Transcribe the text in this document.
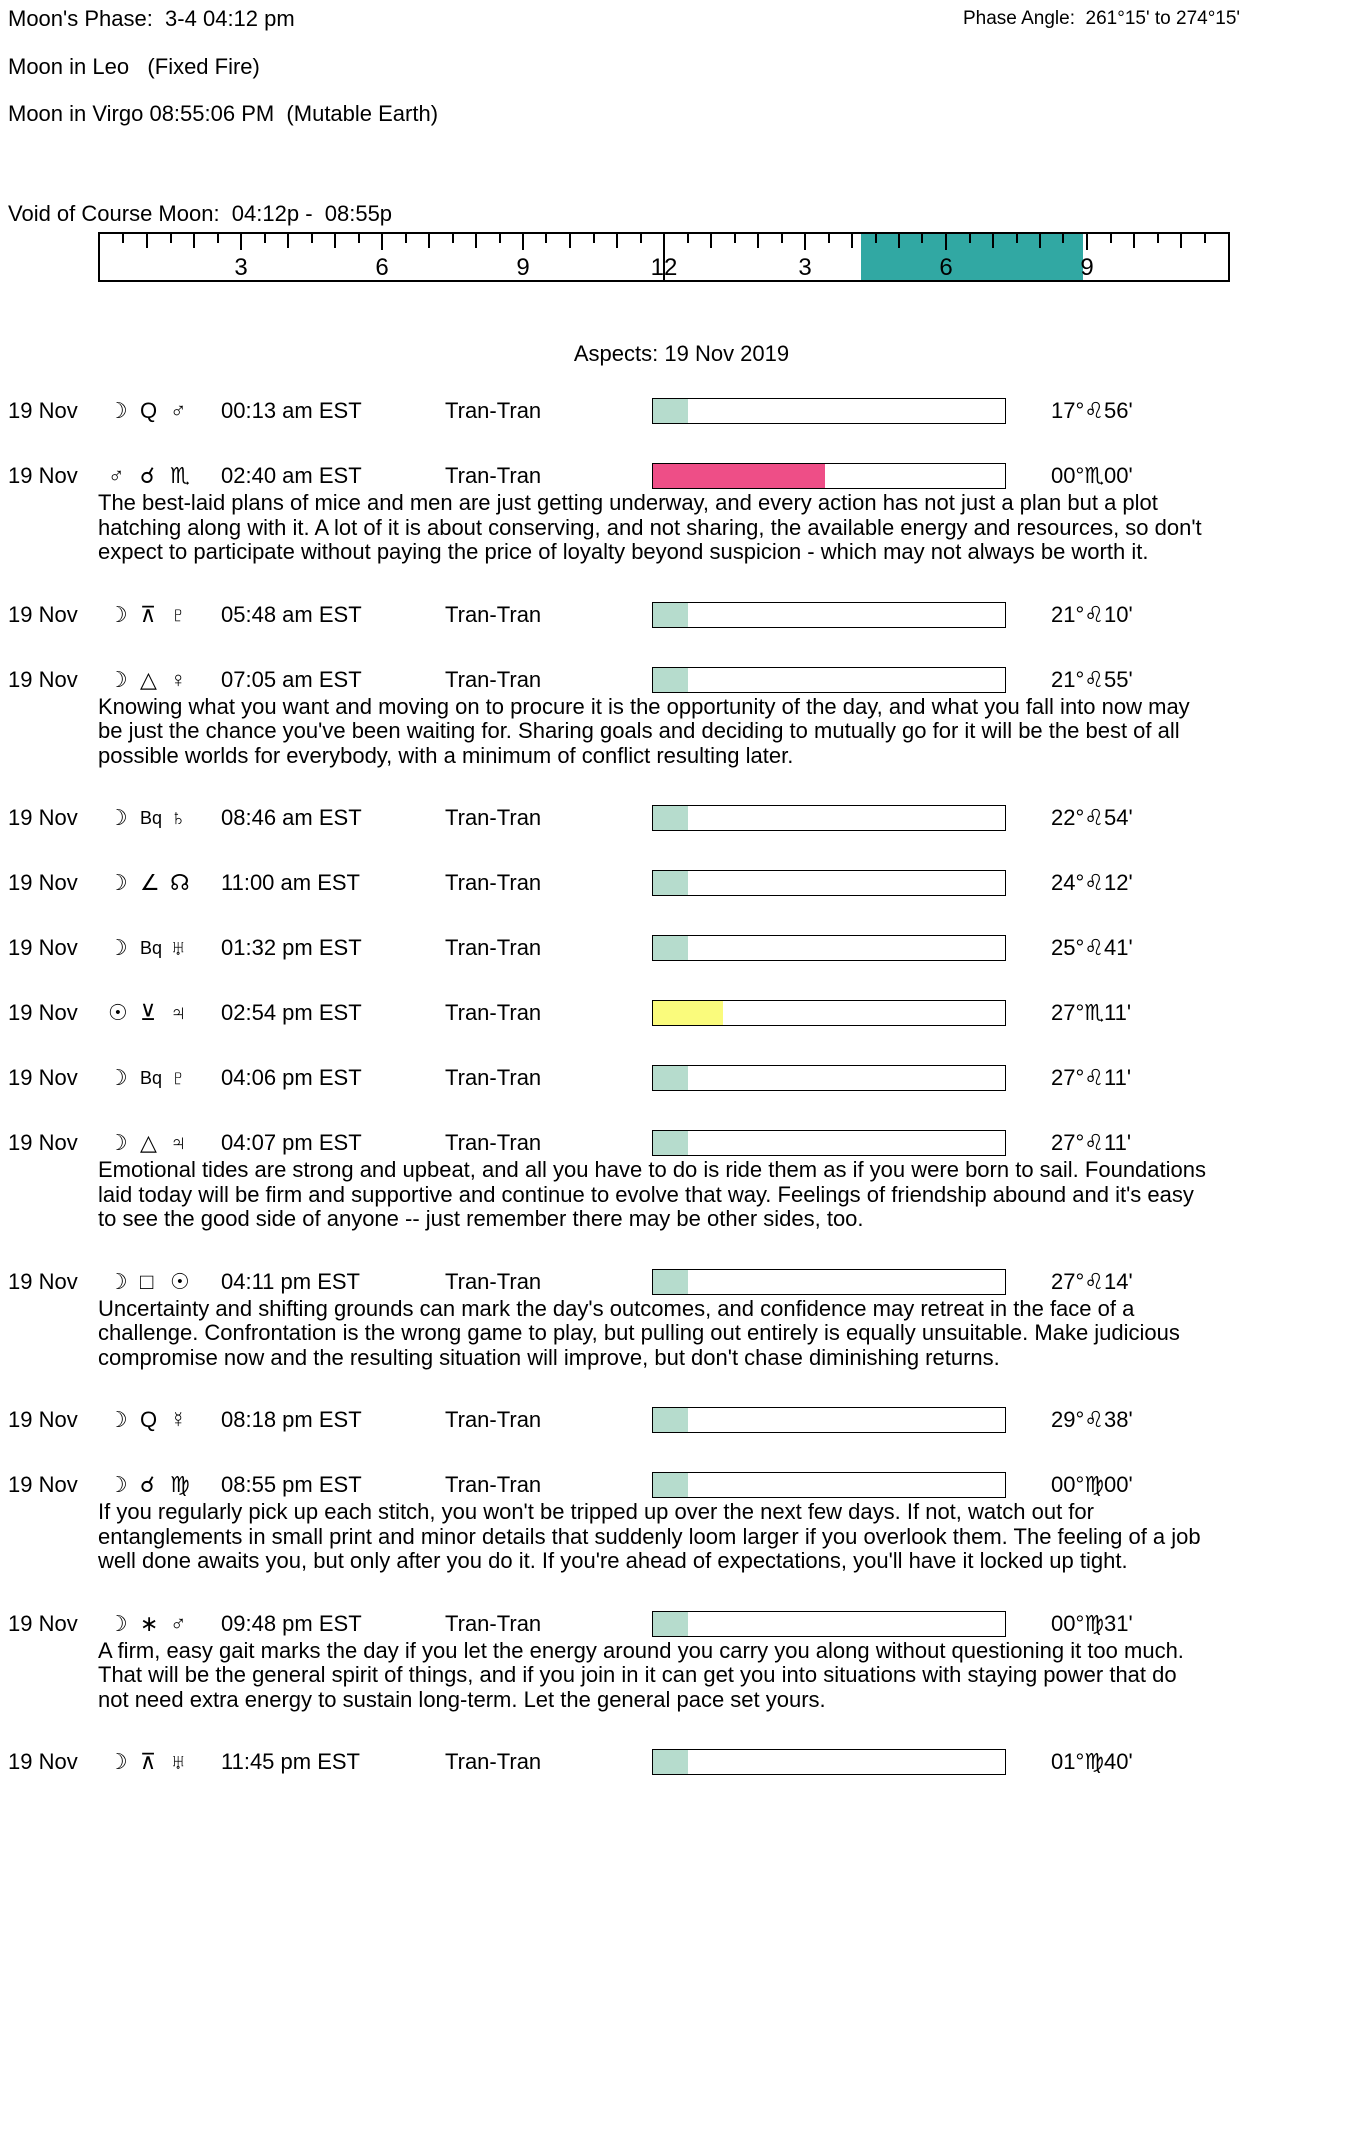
Moon's Phase:  3-4 04:12 pm	Phase Angle:  261°15' to 274°15'
Moon in Leo   (Fixed Fire)
Moon in Virgo 08:55:06 PM  (Mutable Earth)
Void of Course Moon:  04:12p -  08:55p
3	6	9	12	3	6	9
Aspects: 19 Nov 2019
19 Nov	☽ Q ♂	00:13 am EST	Tran-Tran	17°♌56'
19 Nov	♂ ☌ ♏	02:40 am EST	Tran-Tran	00°♏00'
The best-laid plans of mice and men are just getting underway, and every action has not just a plan but a plot hatching along with it. A lot of it is about conserving, and not sharing, the available energy and resources, so don't expect to participate without paying the price of loyalty beyond suspicion - which may not always be worth it.
19 Nov	☽ ⊼ ♇	05:48 am EST	Tran-Tran	21°♌10'
19 Nov	☽ △ ♀	07:05 am EST	Tran-Tran	21°♌55'
Knowing what you want and moving on to procure it is the opportunity of the day, and what you fall into now may be just the chance you've been waiting for. Sharing goals and deciding to mutually go for it will be the best of all possible worlds for everybody, with a minimum of conflict resulting later.
19 Nov	☽ Bq ♄	08:46 am EST	Tran-Tran	22°♌54'
19 Nov	☽ ∠ ☊	11:00 am EST	Tran-Tran	24°♌12'
19 Nov	☽ Bq ♅	01:32 pm EST	Tran-Tran	25°♌41'
19 Nov	☉ ⊻ ♃	02:54 pm EST	Tran-Tran	27°♏11'
19 Nov	☽ Bq ♇	04:06 pm EST	Tran-Tran	27°♌11'
19 Nov	☽ △ ♃	04:07 pm EST	Tran-Tran	27°♌11'
Emotional tides are strong and upbeat, and all you have to do is ride them as if you were born to sail. Foundations laid today will be firm and supportive and continue to evolve that way. Feelings of friendship abound and it's easy to see the good side of anyone -- just remember there may be other sides, too.
19 Nov	☽ □ ☉	04:11 pm EST	Tran-Tran	27°♌14'
Uncertainty and shifting grounds can mark the day's outcomes, and confidence may retreat in the face of a challenge. Confrontation is the wrong game to play, but pulling out entirely is equally unsuitable. Make judicious compromise now and the resulting situation will improve, but don't chase diminishing returns.
19 Nov	☽ Q ☿	08:18 pm EST	Tran-Tran	29°♌38'
19 Nov	☽ ☌ ♍	08:55 pm EST	Tran-Tran	00°♍00'
If you regularly pick up each stitch, you won't be tripped up over the next few days. If not, watch out for entanglements in small print and minor details that suddenly loom larger if you overlook them. The feeling of a job well done awaits you, but only after you do it. If you're ahead of expectations, you'll have it locked up tight.
19 Nov	☽ ∗ ♂	09:48 pm EST	Tran-Tran	00°♍31'
A firm, easy gait marks the day if you let the energy around you carry you along without questioning it too much. That will be the general spirit of things, and if you join in it can get you into situations with staying power that do not need extra energy to sustain long-term. Let the general pace set yours.
19 Nov	☽ ⊼ ♅	11:45 pm EST	Tran-Tran	01°♍40'
